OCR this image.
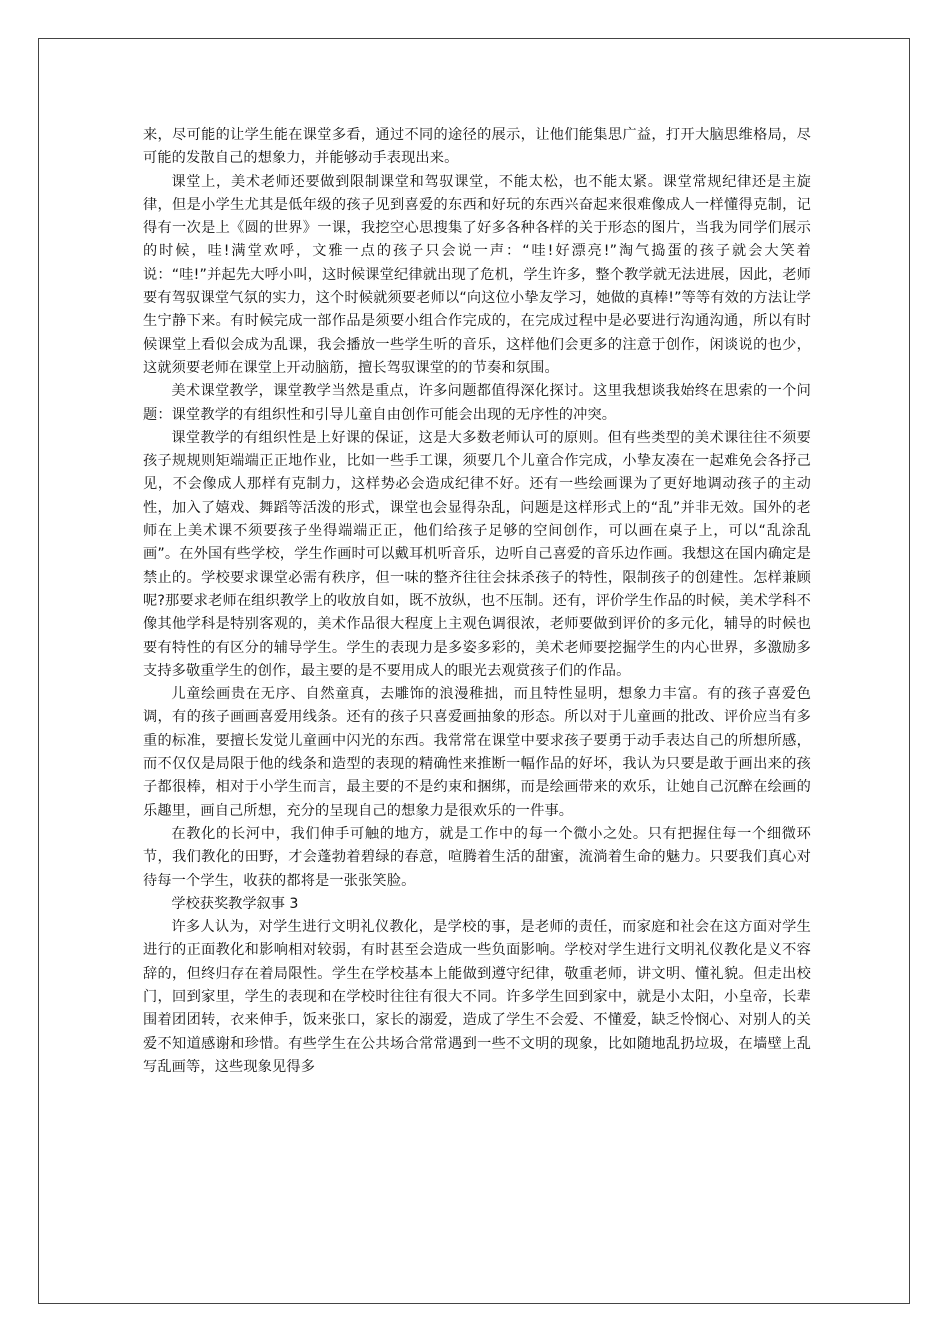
来，尽可能的让学生能在课堂多看，通过不同的途径的展示，让他们能集思广益，打开大脑思维格局，尽可能的发散自己的想象力，并能够动手表现出来。

课堂上，美术老师还要做到限制课堂和驾驭课堂，不能太松，也不能太紧。课堂常规纪律还是主旋律，但是小学生尤其是低年级的孩子见到喜爱的东西和好玩的东西兴奋起来很难像成人一样懂得克制，记得有一次是上《圆的世界》一课，我挖空心思搜集了好多各种各样的关于形态的图片，当我为同学们展示的时候，哇!满堂欢呼，文雅一点的孩子只会说一声：“哇!好漂亮!”淘气捣蛋的孩子就会大笑着说：“哇!”并起先大呼小叫，这时候课堂纪律就出现了危机，学生许多，整个教学就无法进展，因此，老师要有驾驭课堂气氛的实力，这个时候就须要老师以“向这位小挚友学习，她做的真棒!”等等有效的方法让学生宁静下来。有时候完成一部作品是须要小组合作完成的，在完成过程中是必要进行沟通沟通，所以有时候课堂上看似会成为乱课，我会播放一些学生听的音乐，这样他们会更多的注意于创作，闲谈说的也少，这就须要老师在课堂上开动脑筋，擅长驾驭课堂的的节奏和氛围。

美术课堂教学，课堂教学当然是重点，许多问题都值得深化探讨。这里我想谈我始终在思索的一个问题：课堂教学的有组织性和引导儿童自由创作可能会出现的无序性的冲突。

课堂教学的有组织性是上好课的保证，这是大多数老师认可的原则。但有些类型的美术课往往不须要孩子规规则矩端端正正地作业，比如一些手工课，须要几个儿童合作完成，小挚友凑在一起难免会各抒己见，不会像成人那样有克制力，这样势必会造成纪律不好。还有一些绘画课为了更好地调动孩子的主动性，加入了嬉戏、舞蹈等活泼的形式，课堂也会显得杂乱，问题是这样形式上的“乱”并非无效。国外的老师在上美术课不须要孩子坐得端端正正，他们给孩子足够的空间创作，可以画在桌子上，可以“乱涂乱画”。在外国有些学校，学生作画时可以戴耳机听音乐，边听自己喜爱的音乐边作画。我想这在国内确定是禁止的。学校要求课堂必需有秩序，但一味的整齐往往会抹杀孩子的特性，限制孩子的创建性。怎样兼顾呢?那要求老师在组织教学上的收放自如，既不放纵，也不压制。还有，评价学生作品的时候，美术学科不像其他学科是特别客观的，美术作品很大程度上主观色调很浓，老师要做到评价的多元化，辅导的时候也要有特性的有区分的辅导学生。学生的表现力是多姿多彩的，美术老师要挖掘学生的内心世界，多激励多支持多敬重学生的创作，最主要的是不要用成人的眼光去观赏孩子们的作品。

儿童绘画贵在无序、自然童真，去雕饰的浪漫稚拙，而且特性显明，想象力丰富。有的孩子喜爱色调，有的孩子画画喜爱用线条。还有的孩子只喜爱画抽象的形态。所以对于儿童画的批改、评价应当有多重的标准，要擅长发觉儿童画中闪光的东西。我常常在课堂中要求孩子要勇于动手表达自己的所想所感，而不仅仅是局限于他的线条和造型的表现的精确性来推断一幅作品的好坏，我认为只要是敢于画出来的孩子都很棒，相对于小学生而言，最主要的不是约束和捆绑，而是绘画带来的欢乐，让她自己沉醉在绘画的乐趣里，画自己所想，充分的呈现自己的想象力是很欢乐的一件事。

在教化的长河中，我们伸手可触的地方，就是工作中的每一个微小之处。只有把握住每一个细微环节，我们教化的田野，才会蓬勃着碧绿的春意，喧腾着生活的甜蜜，流淌着生命的魅力。只要我们真心对待每一个学生，收获的都将是一张张笑脸。

学校获奖教学叙事 3

许多人认为，对学生进行文明礼仪教化，是学校的事，是老师的责任，而家庭和社会在这方面对学生进行的正面教化和影响相对较弱，有时甚至会造成一些负面影响。学校对学生进行文明礼仪教化是义不容辞的，但终归存在着局限性。学生在学校基本上能做到遵守纪律，敬重老师，讲文明、懂礼貌。但走出校门，回到家里，学生的表现和在学校时往往有很大不同。许多学生回到家中，就是小太阳，小皇帝，长辈围着团团转，衣来伸手，饭来张口，家长的溺爱，造成了学生不会爱、不懂爱，缺乏怜悯心、对别人的关爱不知道感谢和珍惜。有些学生在公共场合常常遇到一些不文明的现象，比如随地乱扔垃圾，在墙壁上乱写乱画等，这些现象见得多
